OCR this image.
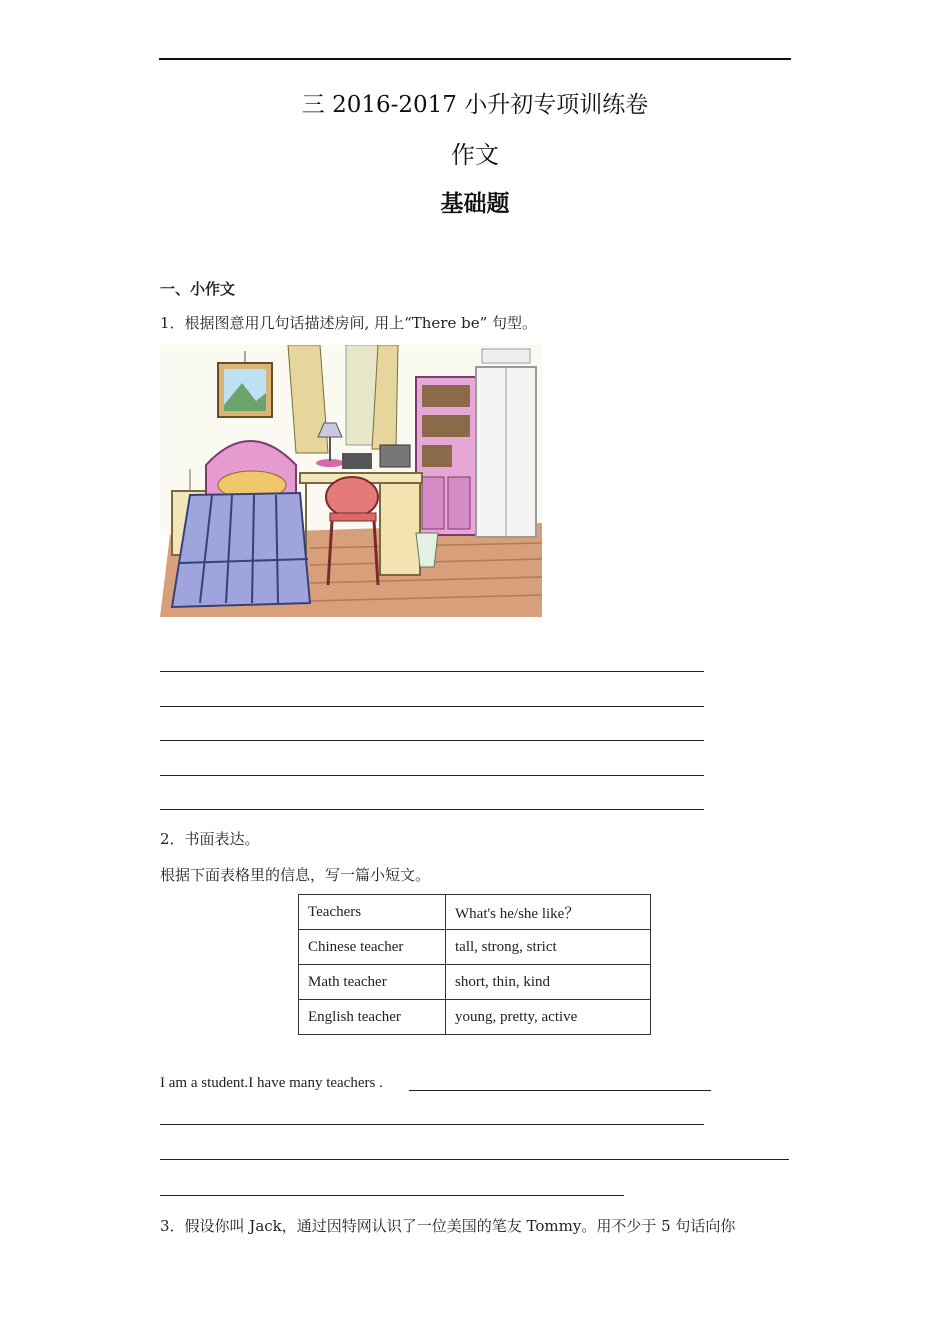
三 2016-2017 小升初专项训练卷
作文
基础题
一、小作文
1．根据图意用几句话描述房间, 用上“There be” 句型。
2．书面表达。
根据下面表格里的信息，写一篇小短文。
Teachers	What's he/she like？
Chinese teacher	tall, strong, strict
Math teacher	short, thin, kind
English teacher	young, pretty, active
I am a student.I have many teachers .
3．假设你叫 Jack，通过因特网认识了一位美国的笔友 Tommy。用不少于 5 句话向你
